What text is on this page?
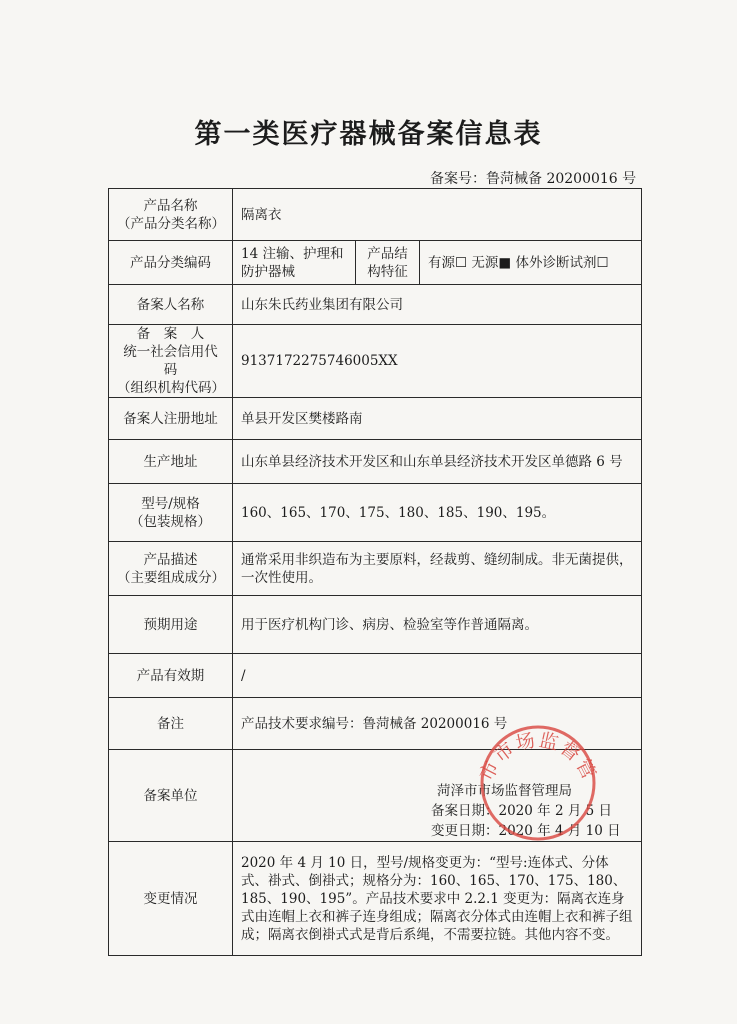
第一类医疗器械备案信息表
备案号：鲁菏械备 20200016 号
产品名称
（产品分类名称）	隔离衣		
产品分类编码	14 注输、护理和防护器械	产品结构特征	有源☐ 无源■ 体外诊断试剂☐
备案人名称	山东朱氏药业集团有限公司		

备　案　人
统一社会信用代码
（组织机构代码）	9137172275746005XX		
备案人注册地址	单县开发区樊楼路南		
生产地址	山东单县经济技术开发区和山东单县经济技术开发区单德路 6 号		

型号/规格
（包装规格）	160、165、170、175、180、185、190、195。		

产品描述
（主要组成成分）	通常采用非织造布为主要原料，经裁剪、缝纫制成。非无菌提供，一次性使用。		
预期用途	用于医疗机构门诊、病房、检验室等作普通隔离。		
产品有效期	/		
备注	产品技术要求编号：鲁菏械备 20200016 号		
备案单位	菏泽市市场监督管理局
备案日期：2020 年 2 月 5 日
变更日期：2020 年 4 月 10 日		

变更情况	2020 年 4 月 10 日，型号/规格变更为：“型号:连体式、分体式、褂式、倒褂式；规格分为：160、165、170、175、180、185、190、195”。产品技术要求中 2.2.1 变更为：隔离衣连身式由连帽上衣和裤子连身组成；隔离衣分体式由连帽上衣和裤子组成；隔离衣倒褂式式是背后系绳，不需要拉链。其他内容不变。		
市市场监督管
